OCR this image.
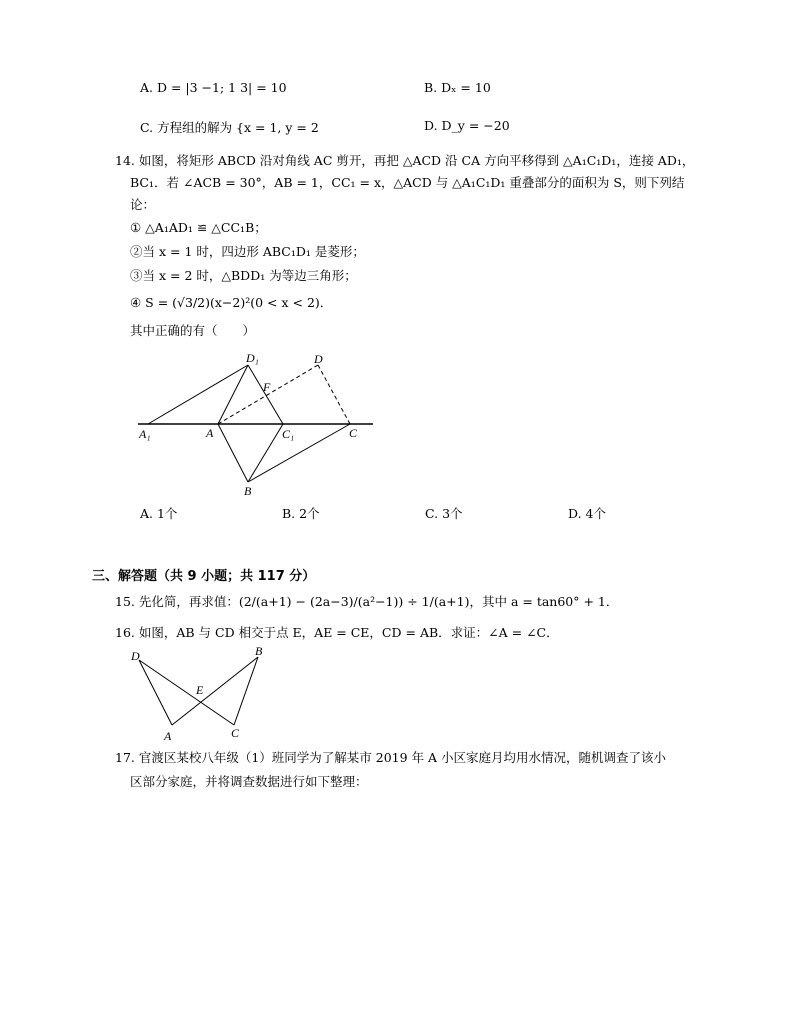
A. D = |3 −1; 1 3| = 10	B. Dₓ = 10
C. 方程组的解为 {x = 1, y = 2	D. D_y = −20
14. 如图，将矩形 ABCD 沿对角线 AC 剪开，再把 △ACD 沿 CA 方向平移得到 △A₁C₁D₁，连接 AD₁，
BC₁．若 ∠ACB = 30°，AB = 1，CC₁ = x，△ACD 与 △A₁C₁D₁ 重叠部分的面积为 S，则下列结
论：
① △A₁AD₁ ≌ △CC₁B；
②当 x = 1 时，四边形 ABC₁D₁ 是菱形；
③当 x = 2 时，△BDD₁ 为等边三角形；
④ S = (√3/2)(x−2)²(0 < x < 2)．
其中正确的有（　　）
D₁	D
F
A₁	A	C₁	C
B
A. 1个	B. 2个	C. 3个	D. 4个
三、解答题（共 9 小题；共 117 分）
15. 先化简，再求值：(2/(a+1) − (2a−3)/(a²−1)) ÷ 1/(a+1)，其中 a = tan60° + 1．
16. 如图，AB 与 CD 相交于点 E，AE = CE，CD = AB．求证：∠A = ∠C．
D	B
E
A	C
17. 官渡区某校八年级（1）班同学为了解某市 2019 年 A 小区家庭月均用水情况，随机调查了该小
区部分家庭，并将调查数据进行如下整理：
